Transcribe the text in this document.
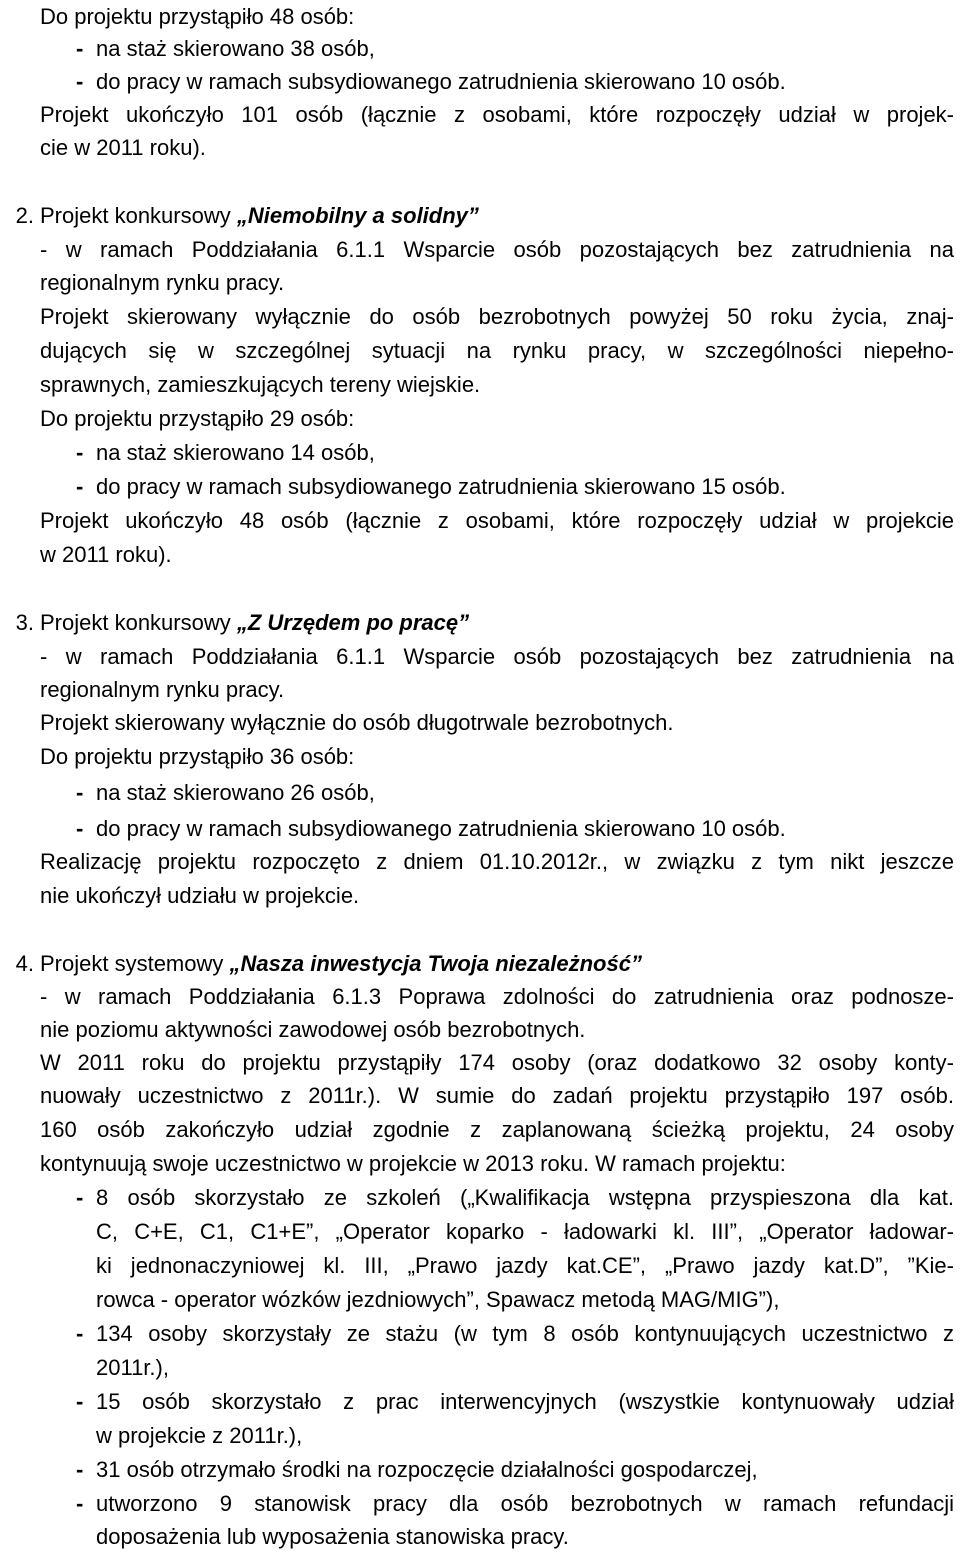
Do projektu przystąpiło 48 osób:
- na staż skierowano 38 osób,
- do pracy w ramach subsydiowanego zatrudnienia skierowano 10 osób.
Projekt ukończyło 101 osób (łącznie z osobami, które rozpoczęły udział w projek-
cie w 2011 roku).
2. Projekt konkursowy „Niemobilny a solidny”
- w ramach Poddziałania 6.1.1 Wsparcie osób pozostających bez zatrudnienia na
regionalnym rynku pracy.
Projekt skierowany wyłącznie do osób bezrobotnych powyżej 50 roku życia, znaj-
dujących się w szczególnej sytuacji na rynku pracy, w szczególności niepełno-
sprawnych, zamieszkujących tereny wiejskie.
Do projektu przystąpiło 29 osób:
- na staż skierowano 14 osób,
- do pracy w ramach subsydiowanego zatrudnienia skierowano 15 osób.
Projekt ukończyło 48 osób (łącznie z osobami, które rozpoczęły udział w projekcie
w 2011 roku).
3. Projekt konkursowy „Z Urzędem po pracę”
- w ramach Poddziałania 6.1.1 Wsparcie osób pozostających bez zatrudnienia na
regionalnym rynku pracy.
Projekt skierowany wyłącznie do osób długotrwale bezrobotnych.
Do projektu przystąpiło 36 osób:
- na staż skierowano 26 osób,
- do pracy w ramach subsydiowanego zatrudnienia skierowano 10 osób.
Realizację projektu rozpoczęto z dniem 01.10.2012r., w związku z tym nikt jeszcze
nie ukończył udziału w projekcie.
4. Projekt systemowy „Nasza inwestycja Twoja niezależność”
- w ramach Poddziałania 6.1.3 Poprawa zdolności do zatrudnienia oraz podnosze-
nie poziomu aktywności zawodowej osób bezrobotnych.
W 2011 roku do projektu przystąpiły 174 osoby (oraz dodatkowo 32 osoby konty-
nuowały uczestnictwo z 2011r.). W sumie do zadań projektu przystąpiło 197 osób.
160 osób zakończyło udział zgodnie z zaplanowaną ścieżką projektu, 24 osoby
kontynuują swoje uczestnictwo w projekcie w 2013 roku. W ramach projektu:
- 8 osób skorzystało ze szkoleń („Kwalifikacja wstępna przyspieszona dla kat.
C, C+E, C1, C1+E”, „Operator koparko - ładowarki kl. III”, „Operator ładowar-
ki jednonaczyniowej kl. III, „Prawo jazdy kat.CE”, „Prawo jazdy kat.D”, ”Kie-
rowca - operator wózków jezdniowych”, Spawacz metodą MAG/MIG”),
- 134 osoby skorzystały ze stażu (w tym 8 osób kontynuujących uczestnictwo z
2011r.),
- 15 osób skorzystało z prac interwencyjnych (wszystkie kontynuowały udział
w projekcie z 2011r.),
- 31 osób otrzymało środki na rozpoczęcie działalności gospodarczej,
- utworzono 9 stanowisk pracy dla osób bezrobotnych w ramach refundacji
doposażenia lub wyposażenia stanowiska pracy.
